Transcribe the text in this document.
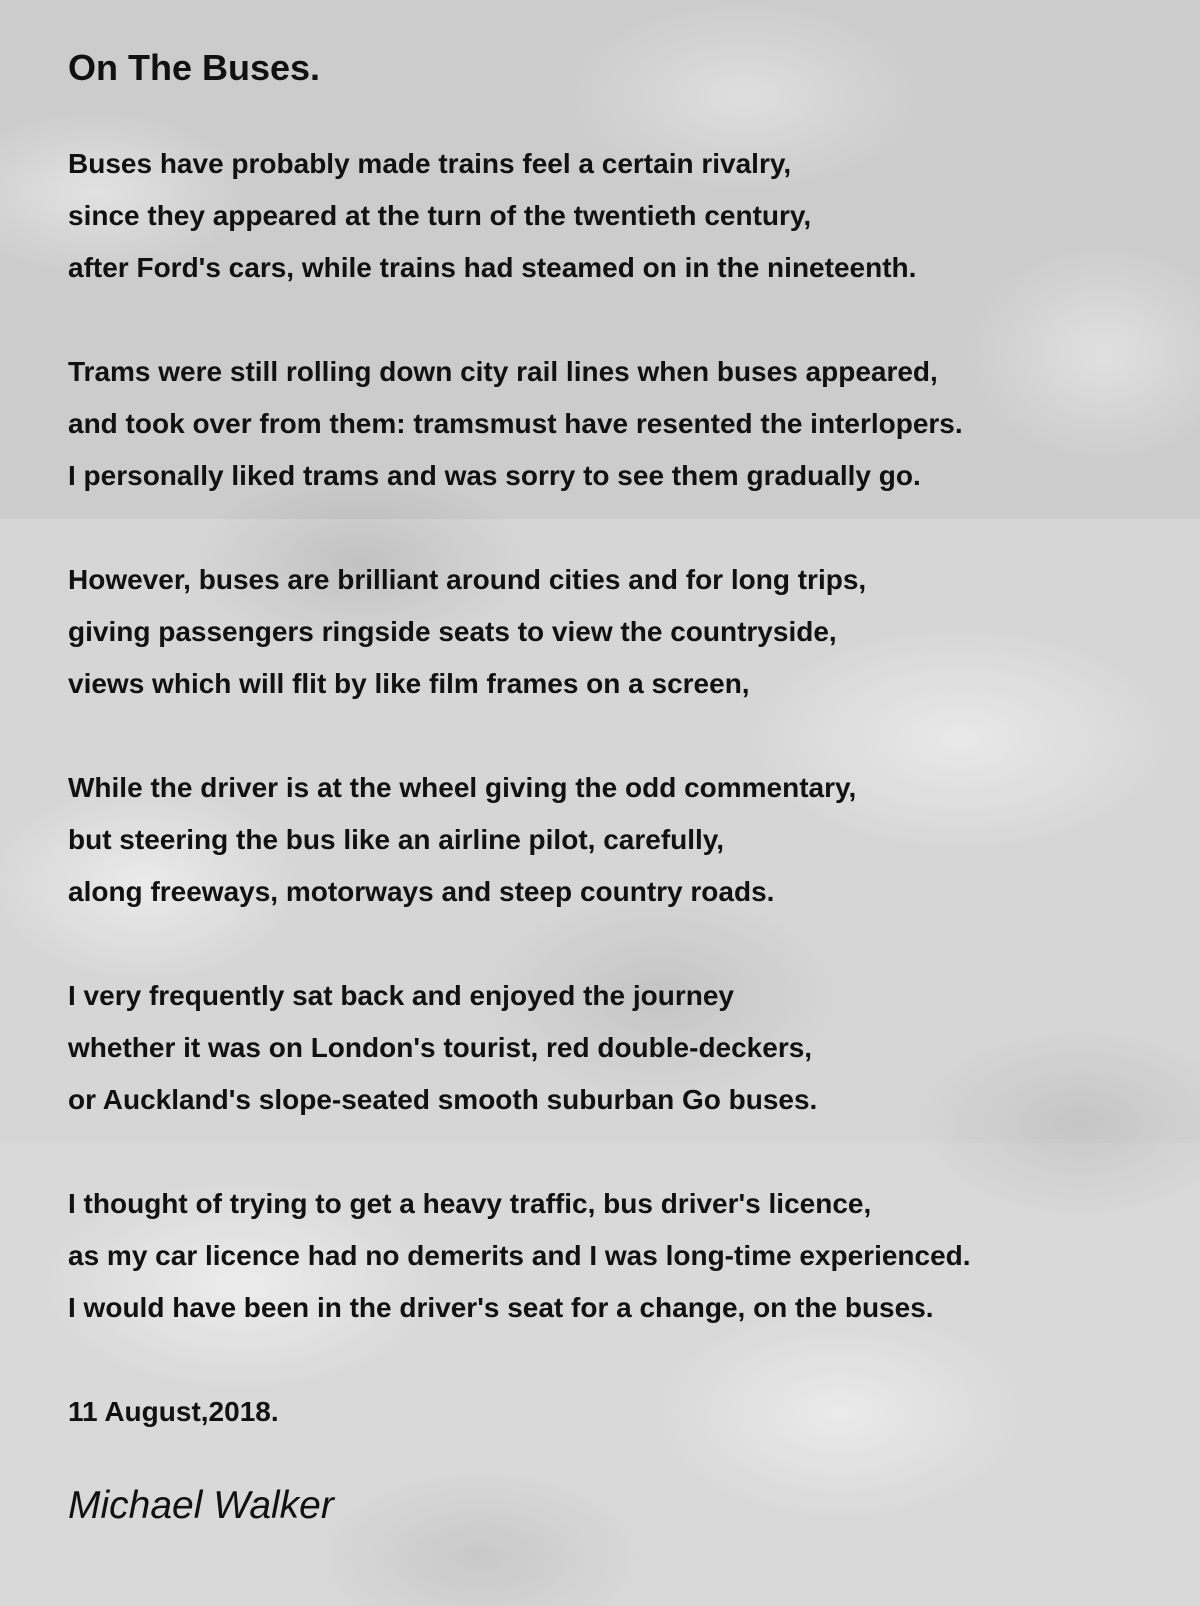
On The Buses.
Buses have probably made trains feel a certain rivalry,
since they appeared at the turn of the twentieth century,
after Ford's cars, while trains had steamed on in the nineteenth.
Trams were still rolling down city rail lines when buses appeared,
and took over from them: tramsmust have resented the interlopers.
I personally liked trams and was sorry to see them gradually go.
However, buses are brilliant around cities and for long trips,
giving passengers ringside seats to view the countryside,
views which will flit by like film frames on a screen,
While the driver is at the wheel giving the odd commentary,
but steering the bus like an airline pilot, carefully,
along freeways, motorways and steep country roads.
I very frequently sat back and enjoyed the journey
whether it was on London's tourist, red double-deckers,
or Auckland's slope-seated smooth suburban Go buses.
I thought of trying to get a heavy traffic, bus driver's licence,
as my car licence had no demerits and I was long-time experienced.
I would have been in the driver's seat for a change, on the buses.

11 August,2018.

Michael Walker
